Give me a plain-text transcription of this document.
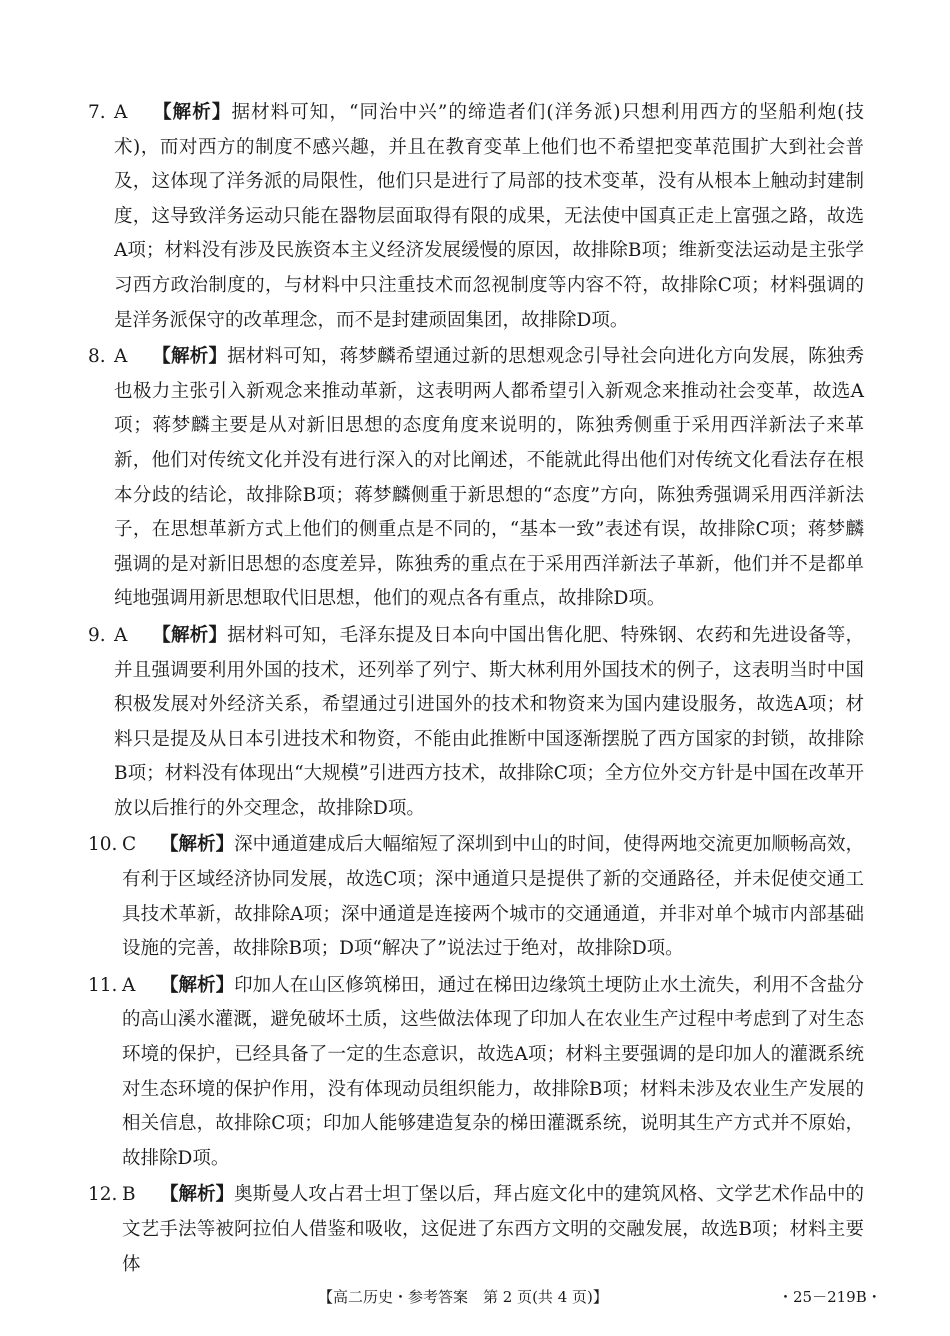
7. A 【解析】据材料可知，“同治中兴”的缔造者们(洋务派)只想利用西方的坚船利炮(技术)，而对西方的制度不感兴趣，并且在教育变革上他们也不希望把变革范围扩大到社会普及，这体现了洋务派的局限性，他们只是进行了局部的技术变革，没有从根本上触动封建制度，这导致洋务运动只能在器物层面取得有限的成果，无法使中国真正走上富强之路，故选A项；材料没有涉及民族资本主义经济发展缓慢的原因，故排除B项；维新变法运动是主张学习西方政治制度的，与材料中只注重技术而忽视制度等内容不符，故排除C项；材料强调的是洋务派保守的改革理念，而不是封建顽固集团，故排除D项。
8. A 【解析】据材料可知，蒋梦麟希望通过新的思想观念引导社会向进化方向发展，陈独秀也极力主张引入新观念来推动革新，这表明两人都希望引入新观念来推动社会变革，故选A项；蒋梦麟主要是从对新旧思想的态度角度来说明的，陈独秀侧重于采用西洋新法子来革新，他们对传统文化并没有进行深入的对比阐述，不能就此得出他们对传统文化看法存在根本分歧的结论，故排除B项；蒋梦麟侧重于新思想的“态度”方向，陈独秀强调采用西洋新法子，在思想革新方式上他们的侧重点是不同的，“基本一致”表述有误，故排除C项；蒋梦麟强调的是对新旧思想的态度差异，陈独秀的重点在于采用西洋新法子革新，他们并不是都单纯地强调用新思想取代旧思想，他们的观点各有重点，故排除D项。
9. A 【解析】据材料可知，毛泽东提及日本向中国出售化肥、特殊钢、农药和先进设备等，并且强调要利用外国的技术，还列举了列宁、斯大林利用外国技术的例子，这表明当时中国积极发展对外经济关系，希望通过引进国外的技术和物资来为国内建设服务，故选A项；材料只是提及从日本引进技术和物资，不能由此推断中国逐渐摆脱了西方国家的封锁，故排除B项；材料没有体现出“大规模”引进西方技术，故排除C项；全方位外交方针是中国在改革开放以后推行的外交理念，故排除D项。
10. C 【解析】深中通道建成后大幅缩短了深圳到中山的时间，使得两地交流更加顺畅高效，有利于区域经济协同发展，故选C项；深中通道只是提供了新的交通路径，并未促使交通工具技术革新，故排除A项；深中通道是连接两个城市的交通通道，并非对单个城市内部基础设施的完善，故排除B项；D项“解决了”说法过于绝对，故排除D项。
11. A 【解析】印加人在山区修筑梯田，通过在梯田边缘筑土埂防止水土流失，利用不含盐分的高山溪水灌溉，避免破坏土质，这些做法体现了印加人在农业生产过程中考虑到了对生态环境的保护，已经具备了一定的生态意识，故选A项；材料主要强调的是印加人的灌溉系统对生态环境的保护作用，没有体现动员组织能力，故排除B项；材料未涉及农业生产发展的相关信息，故排除C项；印加人能够建造复杂的梯田灌溉系统，说明其生产方式并不原始，故排除D项。
12. B 【解析】奥斯曼人攻占君士坦丁堡以后，拜占庭文化中的建筑风格、文学艺术作品中的文艺手法等被阿拉伯人借鉴和吸收，这促进了东西方文明的交融发展，故选B项；材料主要体
【高二历史・参考答案　第 2 页(共 4 页)】	・25－219B・
